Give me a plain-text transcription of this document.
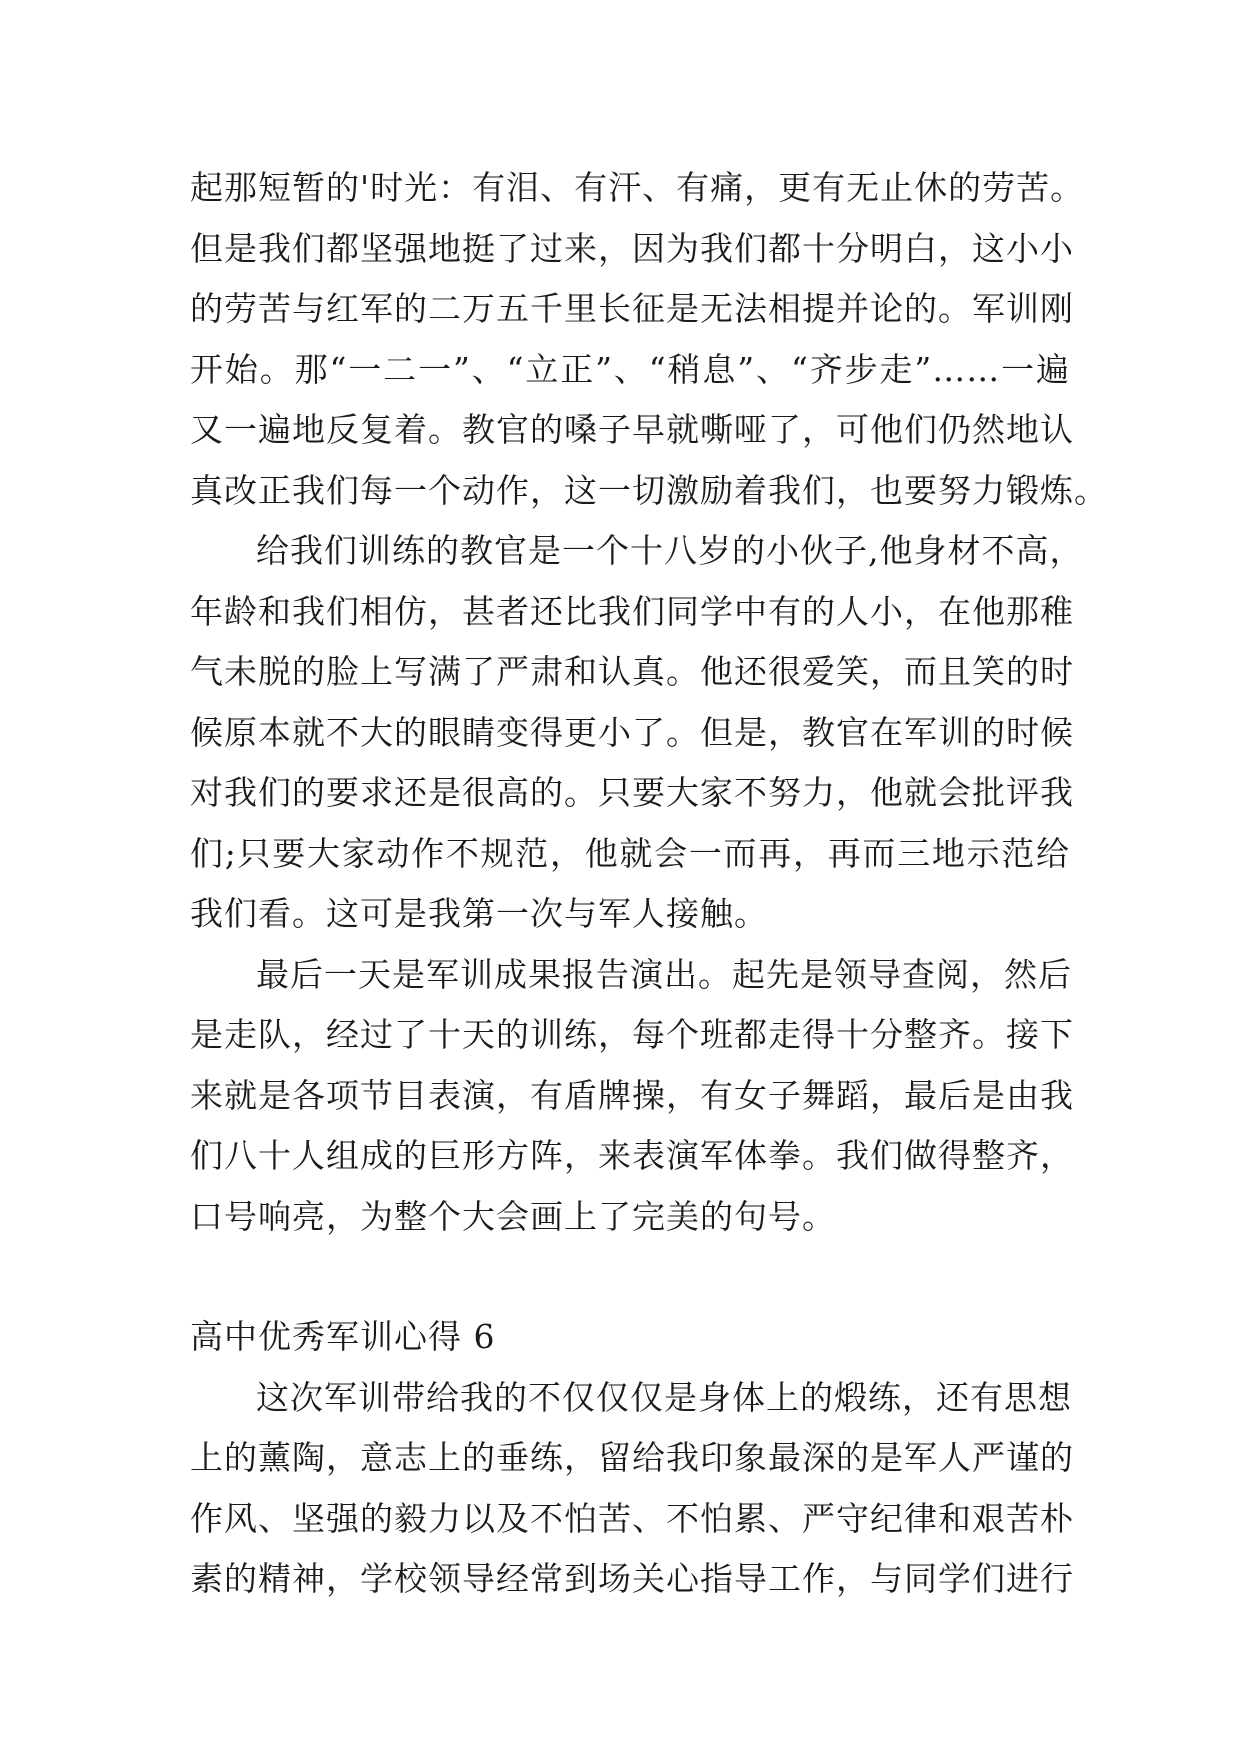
起那短暂的'时光：有泪、有汗、有痛，更有无止休的劳苦。
但是我们都坚强地挺了过来，因为我们都十分明白，这小小
的劳苦与红军的二万五千里长征是无法相提并论的。军训刚
开始。那“一二一”、“立正”、“稍息”、“齐步走”……一遍
又一遍地反复着。教官的嗓子早就嘶哑了，可他们仍然地认
真改正我们每一个动作，这一切激励着我们，也要努力锻炼。
给我们训练的教官是一个十八岁的小伙子,他身材不高，
年龄和我们相仿，甚者还比我们同学中有的人小，在他那稚
气未脱的脸上写满了严肃和认真。他还很爱笑，而且笑的时
候原本就不大的眼睛变得更小了。但是，教官在军训的时候
对我们的要求还是很高的。只要大家不努力，他就会批评我
们;只要大家动作不规范，他就会一而再，再而三地示范给
我们看。这可是我第一次与军人接触。
最后一天是军训成果报告演出。起先是领导查阅，然后
是走队，经过了十天的训练，每个班都走得十分整齐。接下
来就是各项节目表演，有盾牌操，有女子舞蹈，最后是由我
们八十人组成的巨形方阵，来表演军体拳。我们做得整齐，
口号响亮，为整个大会画上了完美的句号。
高中优秀军训心得 6
这次军训带给我的不仅仅仅是身体上的煅练，还有思想
上的薰陶，意志上的垂练，留给我印象最深的是军人严谨的
作风、坚强的毅力以及不怕苦、不怕累、严守纪律和艰苦朴
素的精神，学校领导经常到场关心指导工作，与同学们进行
